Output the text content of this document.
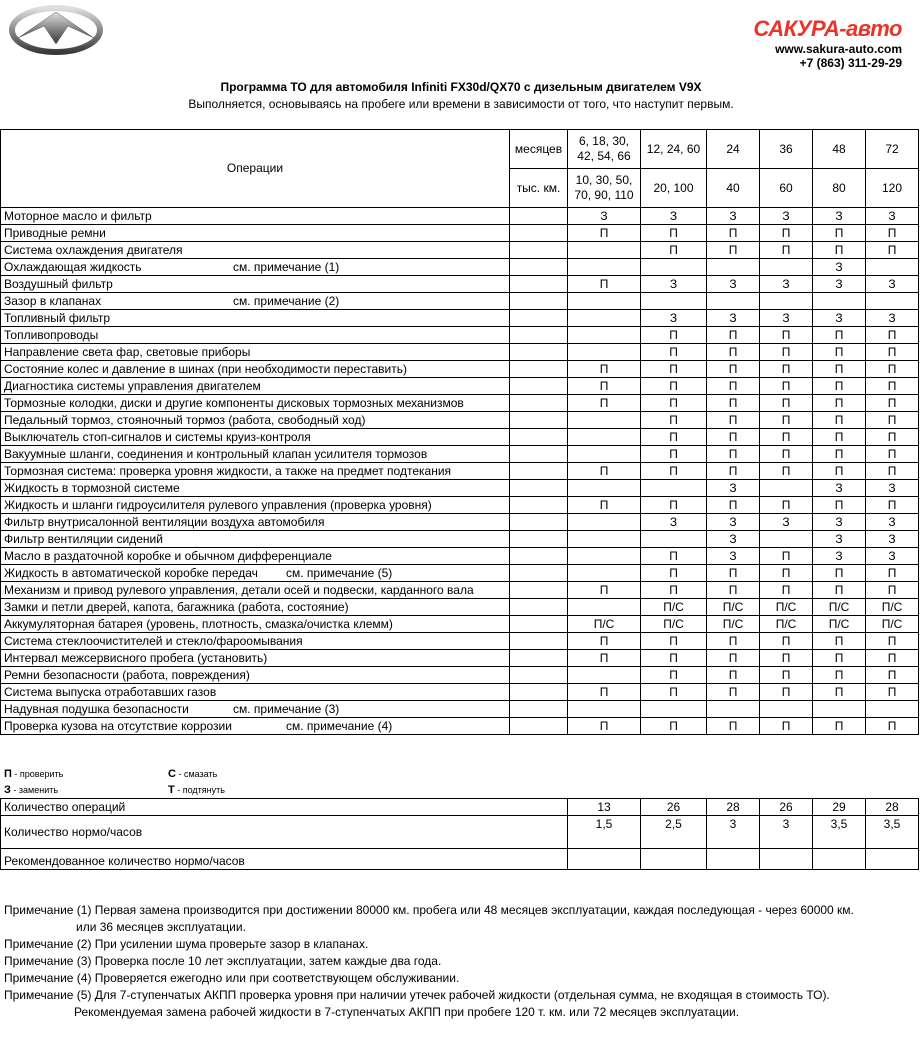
САКУРА-авто
www.sakura-auto.com
+7 (863) 311-29-29
Программа ТО для автомобиля Infiniti FX30d/QX70 с дизельным двигателем V9X
Выполняется, основываясь на пробеге или времени в зависимости от того, что наступит первым.
Операции	месяцев	6, 18, 30, 42, 54, 66	12, 24, 60	24	36	48	72
	тыс. км.	10, 30, 50, 70, 90, 110	20, 100	40	60	80	120
Моторное масло и фильтр		З	З	З	З	З	З
Приводные ремни		П	П	П	П	П	П
Система охлаждения двигателя			П	П	П	П	П
Охлаждающая жидкость см. примечание (1)						З	
Воздушный фильтр		П	З	З	З	З	З
Зазор в клапанах см. примечание (2)							

Топливный фильтр			З	З	З	З	З
Топливопроводы			П	П	П	П	П
Направление света фар, световые приборы			П	П	П	П	П
Состояние колес и давление в шинах (при необходимости переставить)		П	П	П	П	П	П
Диагностика системы управления двигателем		П	П	П	П	П	П
Тормозные колодки, диски и другие компоненты дисковых тормозных механизмов		П	П	П	П	П	П
Педальный тормоз, стояночный тормоз (работа, свободный ход)			П	П	П	П	П
Выключатель стоп-сигналов и системы круиз-контроля			П	П	П	П	П
Вакуумные шланги, соединения и контрольный клапан усилителя тормозов			П	П	П	П	П
Тормозная система: проверка уровня жидкости, а также на предмет подтекания		П	П	П	П	П	П
Жидкость в тормозной системе				З		З	З
Жидкость и шланги гидроусилителя рулевого управления (проверка уровня)		П	П	П	П	П	П
Фильтр внутрисалонной вентиляции воздуха автомобиля			З	З	З	З	З
Фильтр вентиляции сидений				З		З	З
Масло в раздаточной коробке и обычном дифференциале			П	З	П	З	З
Жидкость в автоматической коробке передач см. примечание (5)			П	П	П	П	П
Механизм и привод рулевого управления, детали осей и подвески, карданного вала		П	П	П	П	П	П
Замки и петли дверей, капота, багажника (работа, состояние)			П/С	П/С	П/С	П/С	П/С
Аккумуляторная батарея (уровень, плотность, смазка/очистка клемм)		П/С	П/С	П/С	П/С	П/С	П/С
Система стеклоочистителей и стекло/фароомывания		П	П	П	П	П	П
Интервал межсервисного пробега (установить)		П	П	П	П	П	П
Ремни безопасности (работа, повреждения)			П	П	П	П	П
Система выпуска отработавших газов		П	П	П	П	П	П
Надувная подушка безопасности см. примечание (3)							

Проверка кузова на отсутствие коррозии см. примечание (4)		П	П	П	П	П	П
П - проверить
З - заменить
С - смазать
Т - подтянуть
Количество операций	13	26	28	26	29	28
Количество нормо/часов	1,5	2,5	3	3	3,5	3,5
Рекомендованное количество нормо/часов						
Примечание (1) Первая замена производится при достижении 80000 км. пробега или 48 месяцев эксплуатации, каждая последующая - через 60000 км.
или 36 месяцев эксплуатации.
Примечание (2) При усилении шума проверьте зазор в клапанах.
Примечание (3) Проверка после 10 лет эксплуатации, затем каждые два года.
Примечание (4) Проверяется ежегодно или при соответствующем обслуживании.
Примечание (5) Для 7-ступенчатых АКПП проверка уровня при наличии утечек рабочей жидкости (отдельная сумма, не входящая в стоимость ТО).
Рекомендуемая замена рабочей жидкости в 7-ступенчатых АКПП при пробеге 120 т. км. или 72 месяцев эксплуатации.
